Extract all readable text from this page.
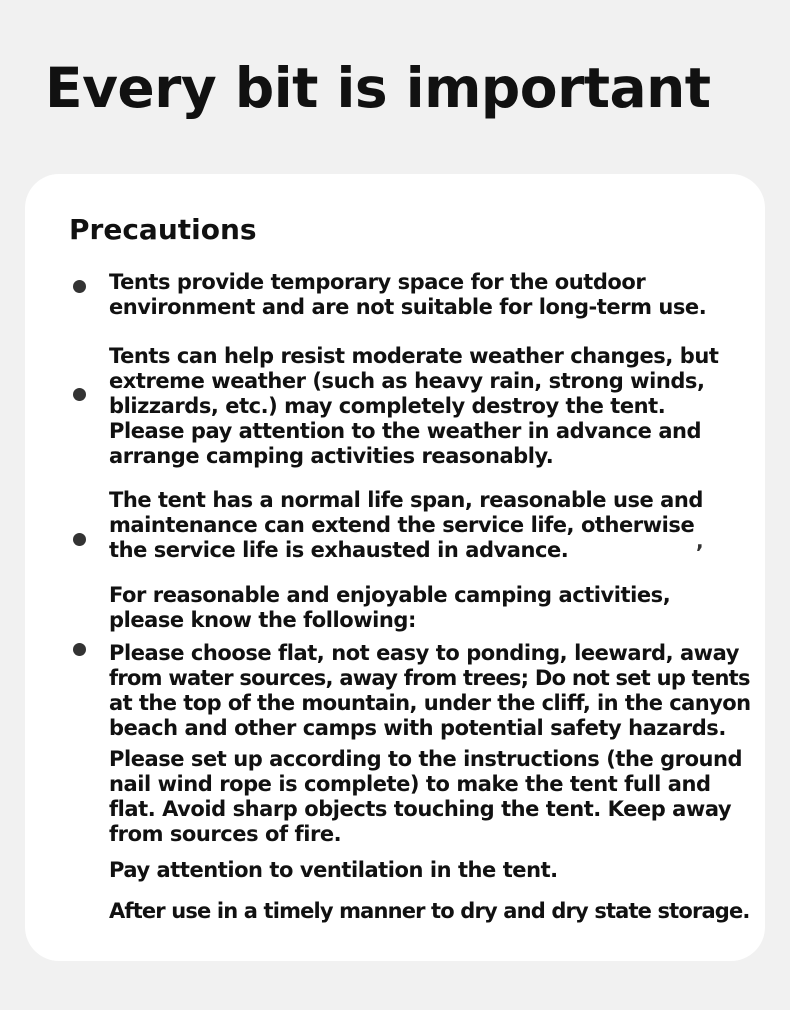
Every bit is important
Precautions

Tents provide temporary space for the outdoor

environment and are not suitable for long-term use.

Tents can help resist moderate weather changes, but

extreme weather (such as heavy rain, strong winds,

blizzards, etc.) may completely destroy the tent.

Please pay attention to the weather in advance and

arrange camping activities reasonably.

The tent has a normal life span, reasonable use and

maintenance can extend the service life, otherwise

the service life is exhausted in advance.	,

For reasonable and enjoyable camping activities,

please know the following:

Please choose flat, not easy to ponding, leeward, away

from water sources, away from trees; Do not set up tents

at the top of the mountain, under the cliff, in the canyon

beach and other camps with potential safety hazards.

Please set up according to the instructions (the ground

nail wind rope is complete) to make the tent full and

flat. Avoid sharp objects touching the tent. Keep away

from sources of fire.

Pay attention to ventilation in the tent.

After use in a timely manner to dry and dry state storage.
